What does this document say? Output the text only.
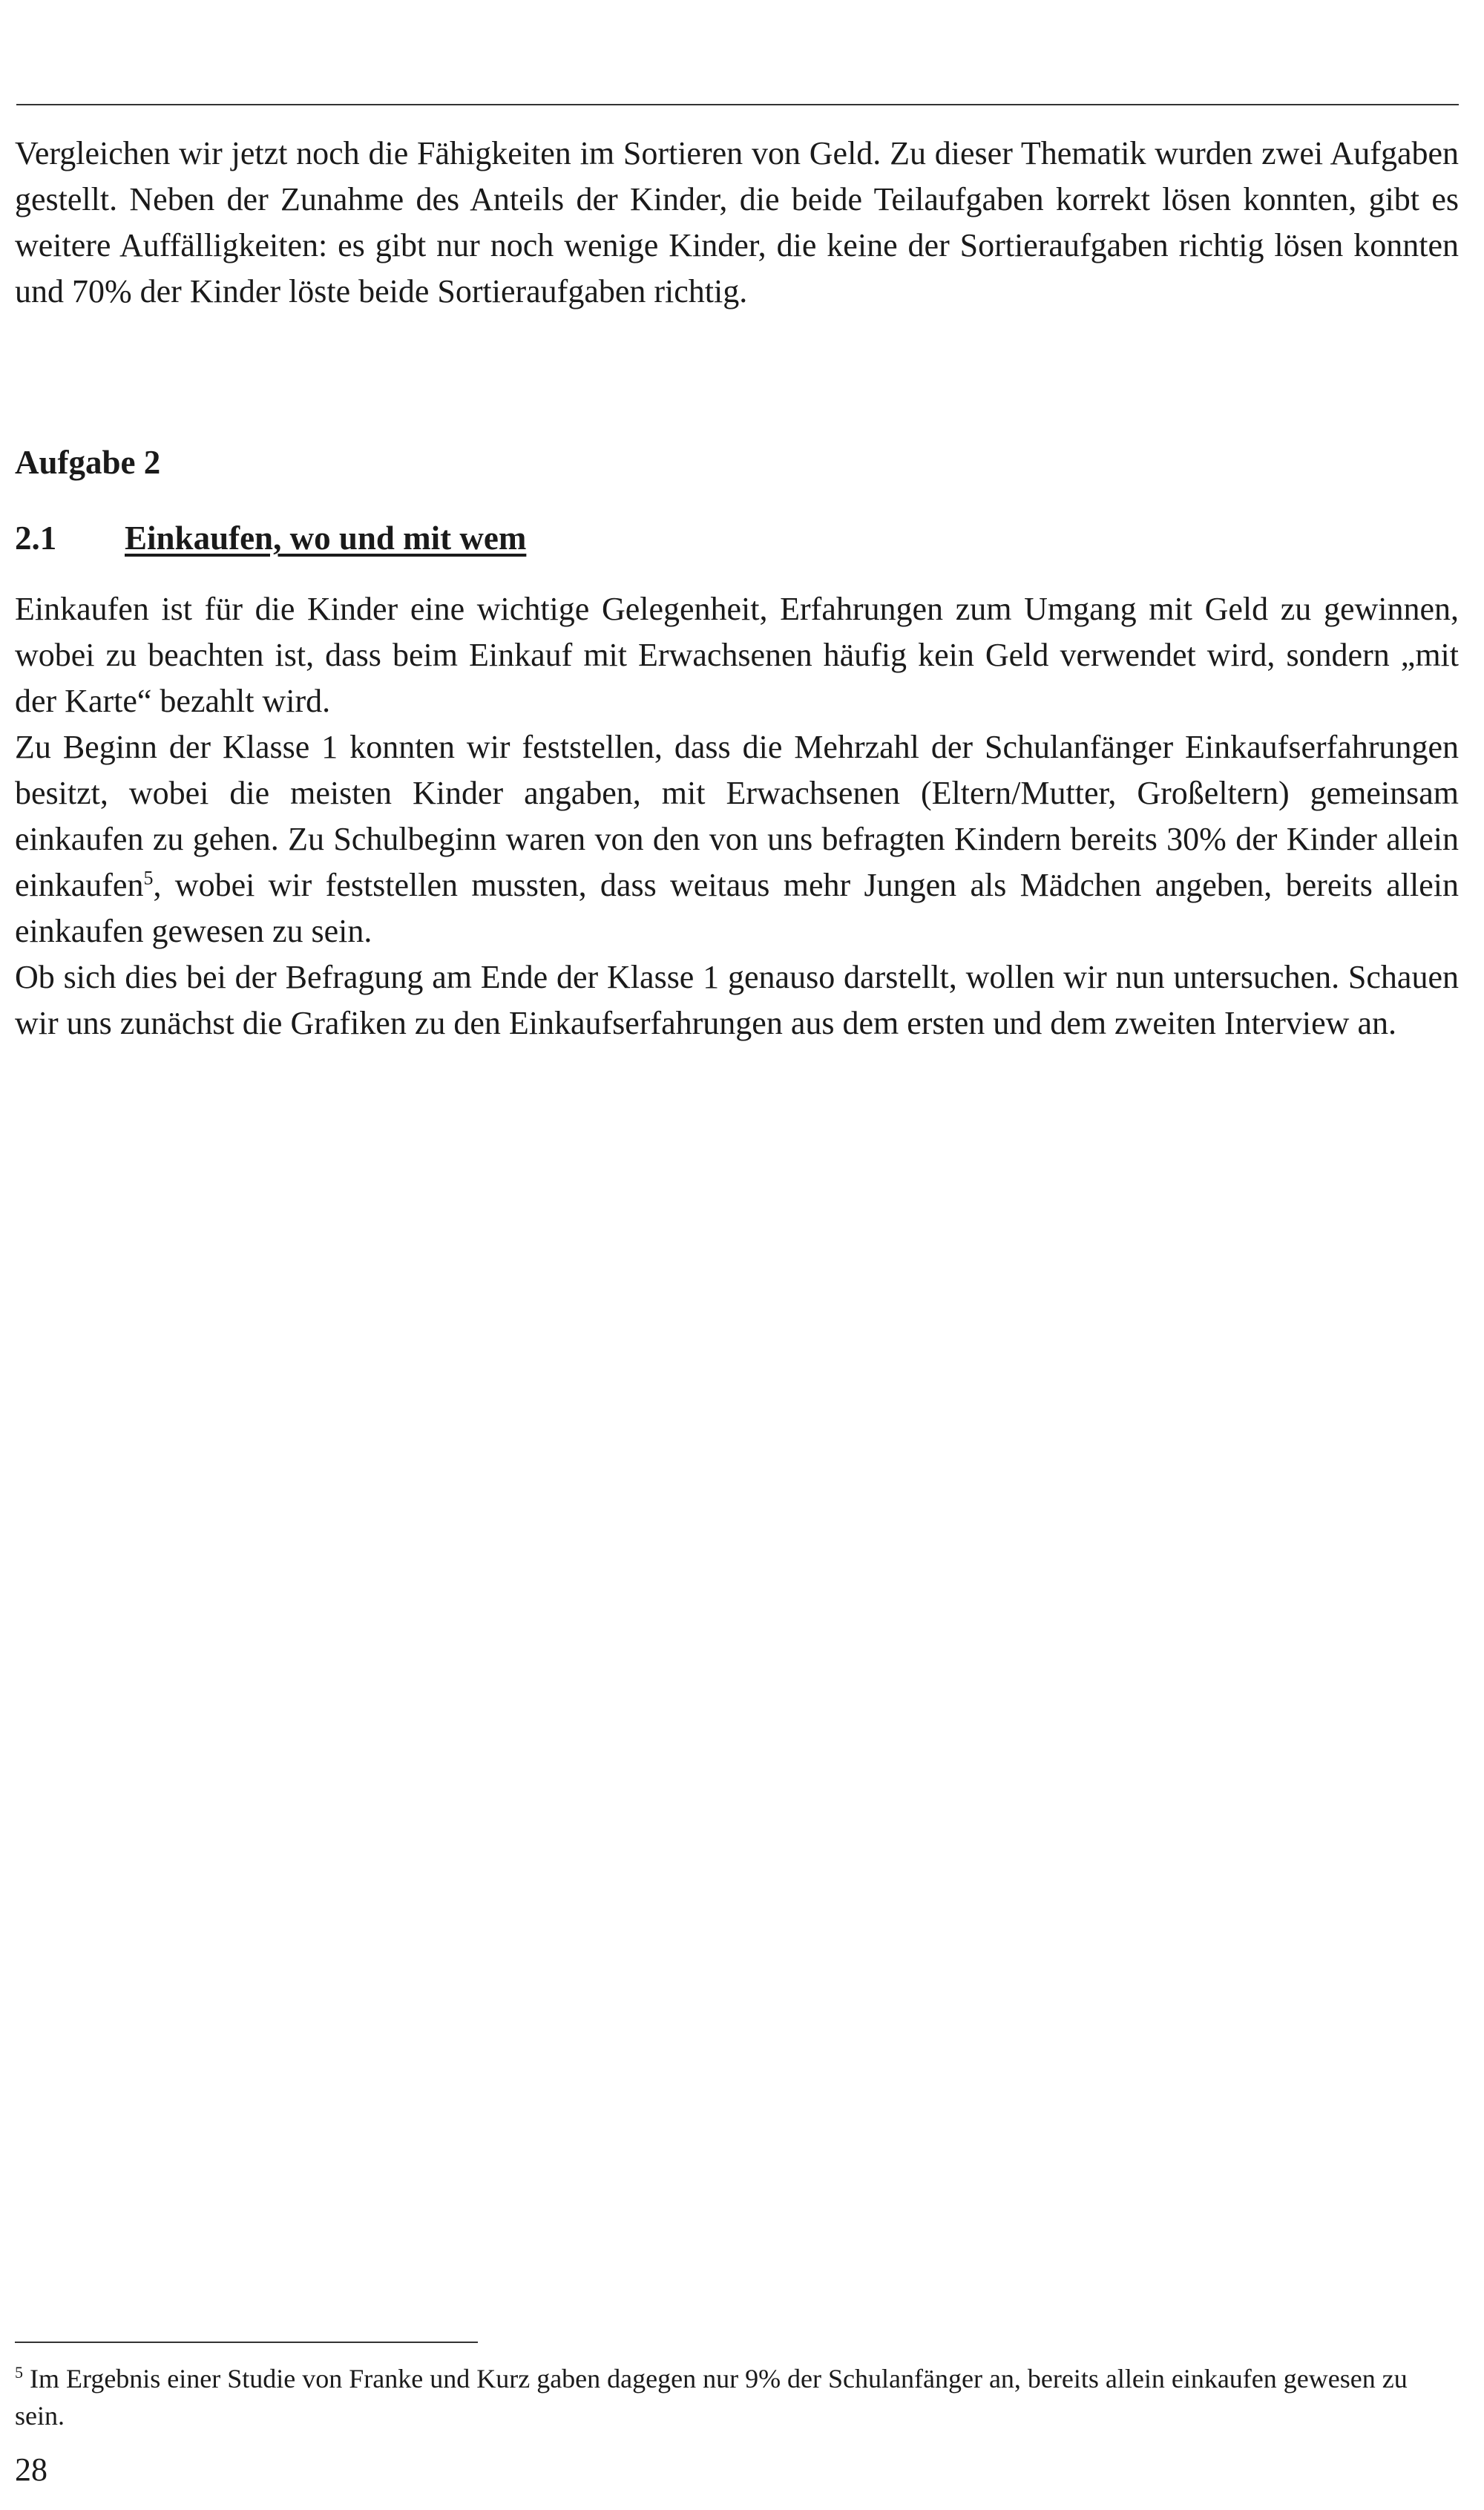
Vergleichen wir jetzt noch die Fähigkeiten im Sortieren von Geld. Zu dieser Thematik wurden zwei Aufgaben gestellt. Neben der Zunahme des Anteils der Kinder, die beide Teilaufgaben korrekt lösen konnten, gibt es weitere Auffälligkeiten: es gibt nur noch wenige Kinder, die keine der Sortieraufgaben richtig lösen konnten und 70% der Kinder löste beide Sortieraufgaben richtig.

Aufgabe 2
2.1 Einkaufen, wo und mit wem

Einkaufen ist für die Kinder eine wichtige Gelegenheit, Erfahrungen zum Umgang mit Geld zu gewinnen, wobei zu beachten ist, dass beim Einkauf mit Erwachsenen häufig kein Geld verwendet wird, sondern „mit der Karte“ bezahlt wird.

Zu Beginn der Klasse 1 konnten wir feststellen, dass die Mehrzahl der Schulanfänger Einkaufserfahrungen besitzt, wobei die meisten Kinder angaben, mit Erwachsenen (Eltern/Mutter, Großeltern) gemeinsam einkaufen zu gehen. Zu Schulbeginn waren von den von uns befragten Kindern bereits 30% der Kinder allein einkaufen$^5$, wobei wir feststellen mussten, dass weitaus mehr Jungen als Mädchen angeben, bereits allein einkaufen gewesen zu sein.

Ob sich dies bei der Befragung am Ende der Klasse 1 genauso darstellt, wollen wir nun untersuchen. Schauen wir uns zunächst die Grafiken zu den Einkaufserfahrungen aus dem ersten und dem zweiten Interview an.

$^5$ Im Ergebnis einer Studie von Franke und Kurz gaben dagegen nur 9% der Schulanfänger an, bereits allein einkaufen gewesen zu sein.

28
